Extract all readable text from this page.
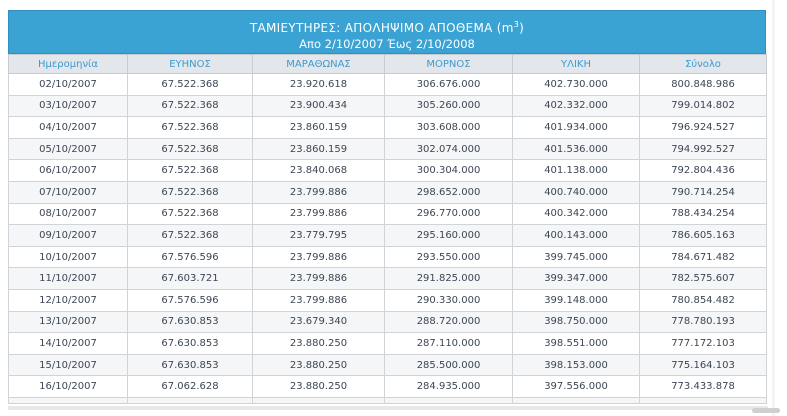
ΤΑΜΙΕΥΤΗΡΕΣ: ΑΠΟΛΗΨΙΜΟ ΑΠΟΘΕΜΑ $(m^3)$
Απο 2/10/2007 Έως 2/10/2008
Ημερομηνία	ΕΥΗΝΟΣ	ΜΑΡΑΘΩΝΑΣ	ΜΟΡΝΟΣ	ΥΛΙΚΗ	Σύνολο
02/10/2007	67.522.368	23.920.618	306.676.000	402.730.000	800.848.986
03/10/2007	67.522.368	23.900.434	305.260.000	402.332.000	799.014.802
04/10/2007	67.522.368	23.860.159	303.608.000	401.934.000	796.924.527
05/10/2007	67.522.368	23.860.159	302.074.000	401.536.000	794.992.527
06/10/2007	67.522.368	23.840.068	300.304.000	401.138.000	792.804.436
07/10/2007	67.522.368	23.799.886	298.652.000	400.740.000	790.714.254
08/10/2007	67.522.368	23.799.886	296.770.000	400.342.000	788.434.254
09/10/2007	67.522.368	23.779.795	295.160.000	400.143.000	786.605.163
10/10/2007	67.576.596	23.799.886	293.550.000	399.745.000	784.671.482
11/10/2007	67.603.721	23.799.886	291.825.000	399.347.000	782.575.607
12/10/2007	67.576.596	23.799.886	290.330.000	399.148.000	780.854.482
13/10/2007	67.630.853	23.679.340	288.720.000	398.750.000	778.780.193
14/10/2007	67.630.853	23.880.250	287.110.000	398.551.000	777.172.103
15/10/2007	67.630.853	23.880.250	285.500.000	398.153.000	775.164.103
16/10/2007	67.062.628	23.880.250	284.935.000	397.556.000	773.433.878
